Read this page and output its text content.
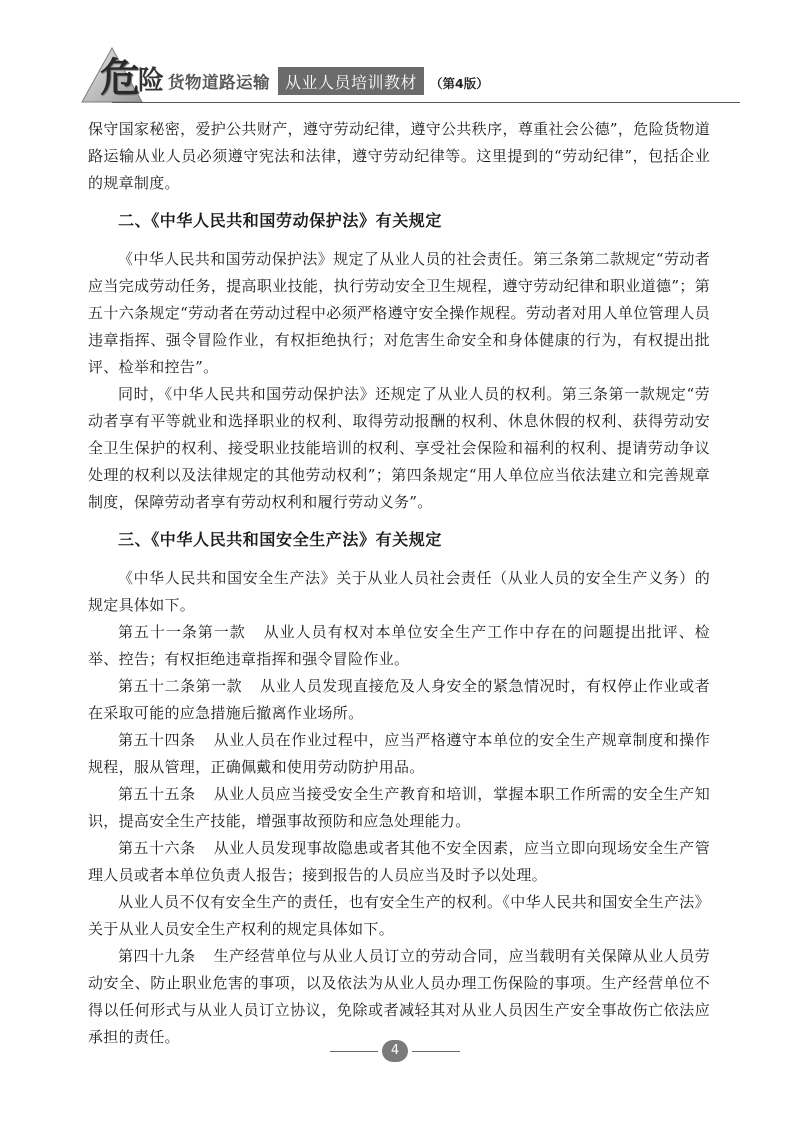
危
险 货物道路运输 从业人员培训教材	（第4版）

保守国家秘密，爱护公共财产，遵守劳动纪律，遵守公共秩序，尊重社会公德”，危险货物道路运输从业人员必须遵守宪法和法律，遵守劳动纪律等。这里提到的“劳动纪律”，包括企业的规章制度。

二、《中华人民共和国劳动保护法》有关规定

《中华人民共和国劳动保护法》规定了从业人员的社会责任。第三条第二款规定“劳动者应当完成劳动任务，提高职业技能，执行劳动安全卫生规程，遵守劳动纪律和职业道德”；第五十六条规定“劳动者在劳动过程中必须严格遵守安全操作规程。劳动者对用人单位管理人员违章指挥、强令冒险作业，有权拒绝执行；对危害生命安全和身体健康的行为，有权提出批评、检举和控告”。

同时，《中华人民共和国劳动保护法》还规定了从业人员的权利。第三条第一款规定“劳动者享有平等就业和选择职业的权利、取得劳动报酬的权利、休息休假的权利、获得劳动安全卫生保护的权利、接受职业技能培训的权利、享受社会保险和福利的权利、提请劳动争议处理的权利以及法律规定的其他劳动权利”；第四条规定“用人单位应当依法建立和完善规章制度，保障劳动者享有劳动权利和履行劳动义务”。

三、《中华人民共和国安全生产法》有关规定

《中华人民共和国安全生产法》关于从业人员社会责任（从业人员的安全生产义务）的规定具体如下。

第五十一条第一款 从业人员有权对本单位安全生产工作中存在的问题提出批评、检举、控告；有权拒绝违章指挥和强令冒险作业。

第五十二条第一款 从业人员发现直接危及人身安全的紧急情况时，有权停止作业或者在采取可能的应急措施后撤离作业场所。

第五十四条 从业人员在作业过程中，应当严格遵守本单位的安全生产规章制度和操作规程，服从管理，正确佩戴和使用劳动防护用品。

第五十五条 从业人员应当接受安全生产教育和培训，掌握本职工作所需的安全生产知识，提高安全生产技能，增强事故预防和应急处理能力。

第五十六条 从业人员发现事故隐患或者其他不安全因素，应当立即向现场安全生产管理人员或者本单位负责人报告；接到报告的人员应当及时予以处理。

从业人员不仅有安全生产的责任，也有安全生产的权利。《中华人民共和国安全生产法》关于从业人员安全生产权利的规定具体如下。

第四十九条 生产经营单位与从业人员订立的劳动合同，应当载明有关保障从业人员劳动安全、防止职业危害的事项，以及依法为从业人员办理工伤保险的事项。生产经营单位不得以任何形式与从业人员订立协议，免除或者减轻其对从业人员因生产安全事故伤亡依法应承担的责任。

4
